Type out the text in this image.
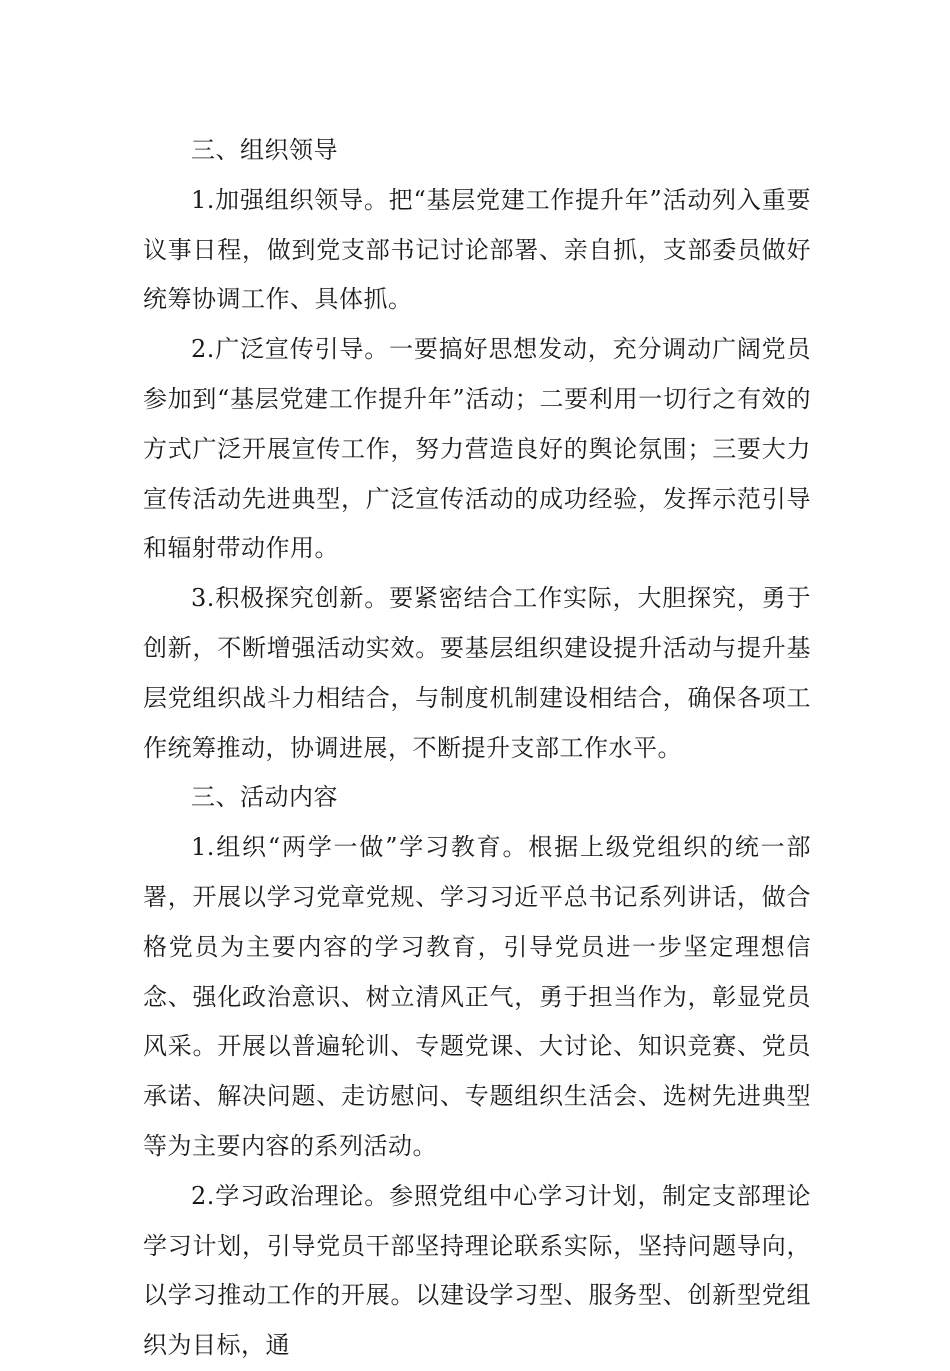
三、组织领导

1.加强组织领导。把“基层党建工作提升年”活动列入重要议事日程，做到党支部书记讨论部署、亲自抓，支部委员做好统筹协调工作、具体抓。

2.广泛宣传引导。一要搞好思想发动，充分调动广阔党员参加到“基层党建工作提升年”活动；二要利用一切行之有效的方式广泛开展宣传工作，努力营造良好的舆论氛围；三要大力宣传活动先进典型，广泛宣传活动的成功经验，发挥示范引导和辐射带动作用。

3.积极探究创新。要紧密结合工作实际，大胆探究，勇于创新，不断增强活动实效。要基层组织建设提升活动与提升基层党组织战斗力相结合，与制度机制建设相结合，确保各项工作统筹推动，协调进展，不断提升支部工作水平。

三、活动内容

1.组织“两学一做”学习教育。根据上级党组织的统一部署，开展以学习党章党规、学习习近平总书记系列讲话，做合格党员为主要内容的学习教育，引导党员进一步坚定理想信念、强化政治意识、树立清风正气，勇于担当作为，彰显党员风采。开展以普遍轮训、专题党课、大讨论、知识竞赛、党员承诺、解决问题、走访慰问、专题组织生活会、选树先进典型等为主要内容的系列活动。

2.学习政治理论。参照党组中心学习计划，制定支部理论学习计划，引导党员干部坚持理论联系实际，坚持问题导向，以学习推动工作的开展。以建设学习型、服务型、创新型党组织为目标，通
